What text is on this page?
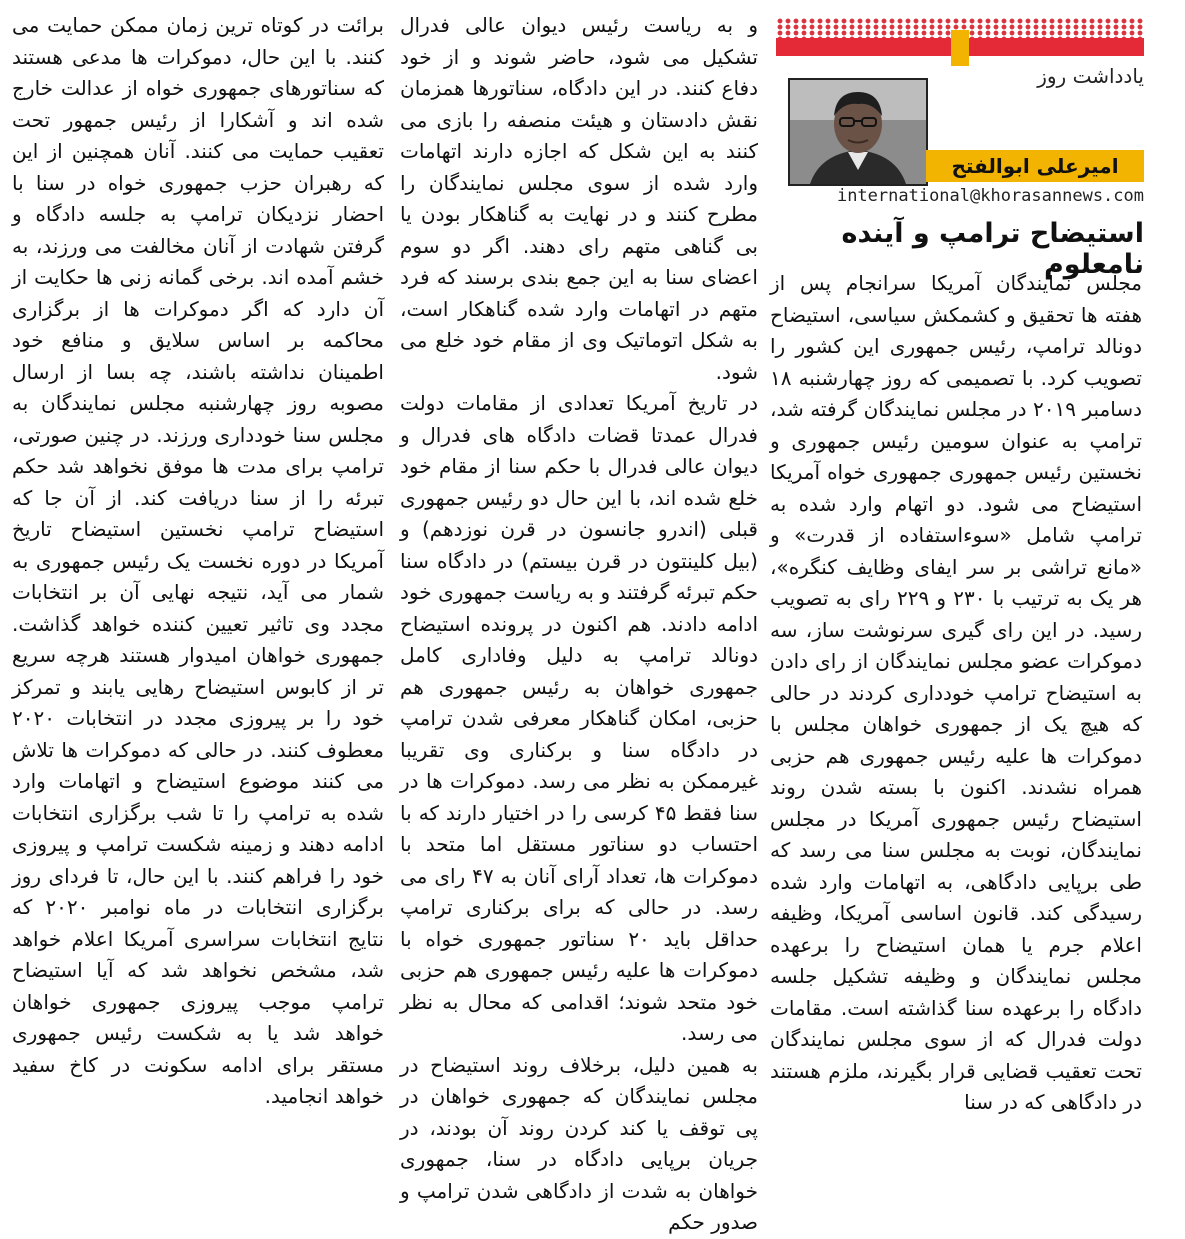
یادداشت روز
امیرعلی ابوالفتح
international@khorasannews.com
استیضاح ترامپ و آینده نامعلوم

مجلس نمایندگان آمریکا سرانجام پس از هفته ها تحقیق و کشمکش سیاسی، استیضاح دونالد ترامپ، رئیس جمهوری این کشور را تصویب کرد. با تصمیمی که روز چهارشنبه ۱۸ دسامبر ۲۰۱۹ در مجلس نمایندگان گرفته شد، ترامپ به عنوان سومین رئیس جمهوری و نخستین رئیس جمهوری جمهوری خواه آمریکا استیضاح می شود. دو اتهام وارد شده به ترامپ شامل «سوءاستفاده از قدرت» و «مانع تراشی بر سر ایفای وظایف کنگره»، هر یک به ترتیب با ۲۳۰ و ۲۲۹ رای به تصویب رسید. در این رای گیری سرنوشت ساز، سه دموکرات عضو مجلس نمایندگان از رای دادن به استیضاح ترامپ خودداری کردند در حالی که هیچ یک از جمهوری خواهان مجلس با دموکرات ها علیه رئیس جمهوری هم حزبی همراه نشدند. اکنون با بسته شدن روند استیضاح رئیس جمهوری آمریکا در مجلس نمایندگان، نوبت به مجلس سنا می رسد که طی برپایی دادگاهی، به اتهامات وارد شده رسیدگی کند. قانون اساسی آمریکا، وظیفه اعلام جرم یا همان استیضاح را برعهده مجلس نمایندگان و وظیفه تشکیل جلسه دادگاه را برعهده سنا گذاشته است. مقامات دولت فدرال که از سوی مجلس نمایندگان تحت تعقیب قضایی قرار بگیرند، ملزم هستند در دادگاهی که در سنا

و به ریاست رئیس دیوان عالی فدرال تشکیل می شود، حاضر شوند و از خود دفاع کنند. در این دادگاه، سناتورها همزمان نقش دادستان و هیئت منصفه را بازی می کنند به این شکل که اجازه دارند اتهامات وارد شده از سوی مجلس نمایندگان را مطرح کنند و در نهایت به گناهکار بودن یا بی گناهی متهم رای دهند. اگر دو سوم اعضای سنا به این جمع بندی برسند که فرد متهم در اتهامات وارد شده گناهکار است، به شکل اتوماتیک وی از مقام خود خلع می شود.

در تاریخ آمریکا تعدادی از مقامات دولت فدرال عمدتا قضات دادگاه های فدرال و دیوان عالی فدرال با حکم سنا از مقام خود خلع شده اند، با این حال دو رئیس جمهوری قبلی (اندرو جانسون در قرن نوزدهم) و (بیل کلینتون در قرن بیستم) در دادگاه سنا حکم تبرئه گرفتند و به ریاست جمهوری خود ادامه دادند. هم اکنون در پرونده استیضاح دونالد ترامپ به دلیل وفاداری کامل جمهوری خواهان به رئیس جمهوری هم حزبی، امکان گناهکار معرفی شدن ترامپ در دادگاه سنا و برکناری وی تقریبا غیرممکن به نظر می رسد. دموکرات ها در سنا فقط ۴۵ کرسی را در اختیار دارند که با احتساب دو سناتور مستقل اما متحد با دموکرات ها، تعداد آرای آنان به ۴۷ رای می رسد. در حالی که برای برکناری ترامپ حداقل باید ۲۰ سناتور جمهوری خواه با دموکرات ها علیه رئیس جمهوری هم حزبی خود متحد شوند؛ اقدامی که محال به نظر می رسد.

به همین دلیل، برخلاف روند استیضاح در مجلس نمایندگان که جمهوری خواهان در پی توقف یا کند کردن روند آن بودند، در جریان برپایی دادگاه در سنا، جمهوری خواهان به شدت از دادگاهی شدن ترامپ و صدور حکم

برائت در کوتاه ترین زمان ممکن حمایت می کنند. با این حال، دموکرات ها مدعی هستند که سناتورهای جمهوری خواه از عدالت خارج شده اند و آشکارا از رئیس جمهور تحت تعقیب حمایت می کنند. آنان همچنین از این که رهبران حزب جمهوری خواه در سنا با احضار نزدیکان ترامپ به جلسه دادگاه و گرفتن شهادت از آنان مخالفت می ورزند، به خشم آمده اند. برخی گمانه زنی ها حکایت از آن دارد که اگر دموکرات ها از برگزاری محاکمه بر اساس سلایق و منافع خود اطمینان نداشته باشند، چه بسا از ارسال مصوبه روز چهارشنبه مجلس نمایندگان به مجلس سنا خودداری ورزند. در چنین صورتی، ترامپ برای مدت ها موفق نخواهد شد حکم تبرئه را از سنا دریافت کند. از آن جا که استیضاح ترامپ نخستین استیضاح تاریخ آمریکا در دوره نخست یک رئیس جمهوری به شمار می آید، نتیجه نهایی آن بر انتخابات مجدد وی تاثیر تعیین کننده خواهد گذاشت. جمهوری خواهان امیدوار هستند هرچه سریع تر از کابوس استیضاح رهایی یابند و تمرکز خود را بر پیروزی مجدد در انتخابات ۲۰۲۰ معطوف کنند. در حالی که دموکرات ها تلاش می کنند موضوع استیضاح و اتهامات وارد شده به ترامپ را تا شب برگزاری انتخابات ادامه دهند و زمینه شکست ترامپ و پیروزی خود را فراهم کنند. با این حال، تا فردای روز برگزاری انتخابات در ماه نوامبر ۲۰۲۰ که نتایج انتخابات سراسری آمریکا اعلام خواهد شد، مشخص نخواهد شد که آیا استیضاح ترامپ موجب پیروزی جمهوری خواهان خواهد شد یا به شکست رئیس جمهوری مستقر برای ادامه سکونت در کاخ سفید خواهد انجامید.
